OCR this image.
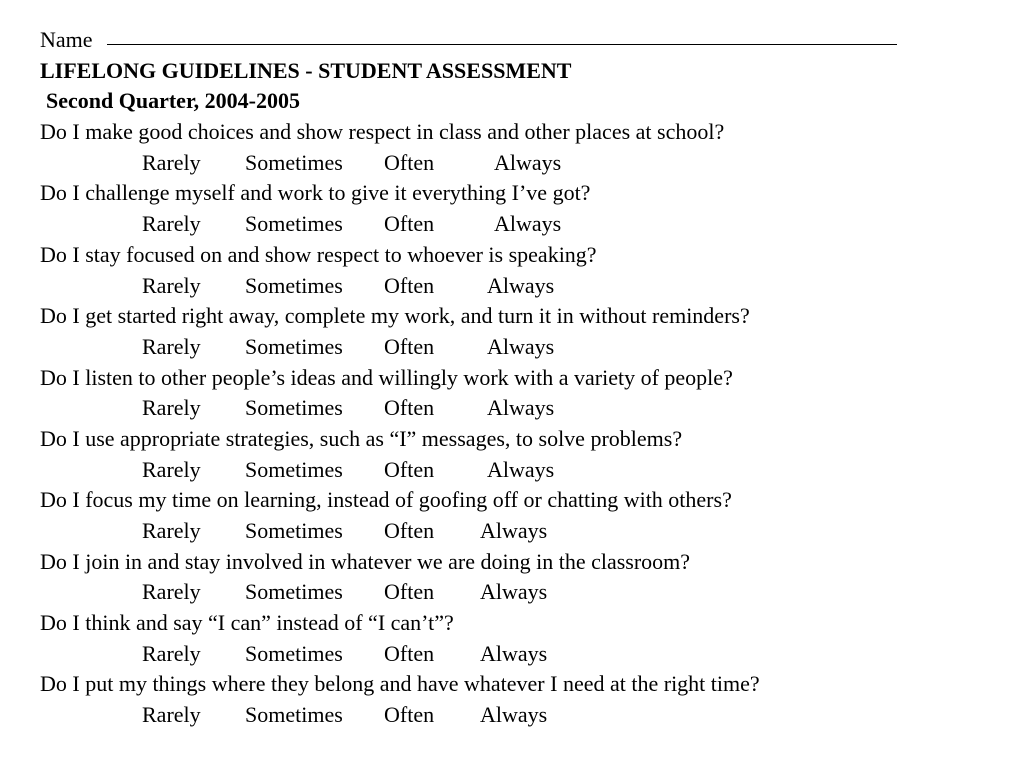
Name
LIFELONG GUIDELINES - STUDENT ASSESSMENT
Second Quarter, 2004-2005
Do I make good choices and show respect in class and other places at school?
Rarely Sometimes Often	Always
Do I challenge myself and work to give it everything I’ve got?
Rarely Sometimes Often	Always
Do I stay focused on and show respect to whoever is speaking?
Rarely Sometimes Often Always
Do I get started right away, complete my work, and turn it in without reminders?
Rarely Sometimes Often Always
Do I listen to other people’s ideas and willingly work with a variety of people?
Rarely Sometimes Often Always
Do I use appropriate strategies, such as “I” messages, to solve problems?
Rarely Sometimes Often Always
Do I focus my time on learning, instead of goofing off or chatting with others?
Rarely Sometimes Often Always
Do I join in and stay involved in whatever we are doing in the classroom?
Rarely Sometimes Often Always
Do I think and say “I can” instead of “I can’t”?
Rarely Sometimes Often Always
Do I put my things where they belong and have whatever I need at the right time?
Rarely Sometimes Often Always
